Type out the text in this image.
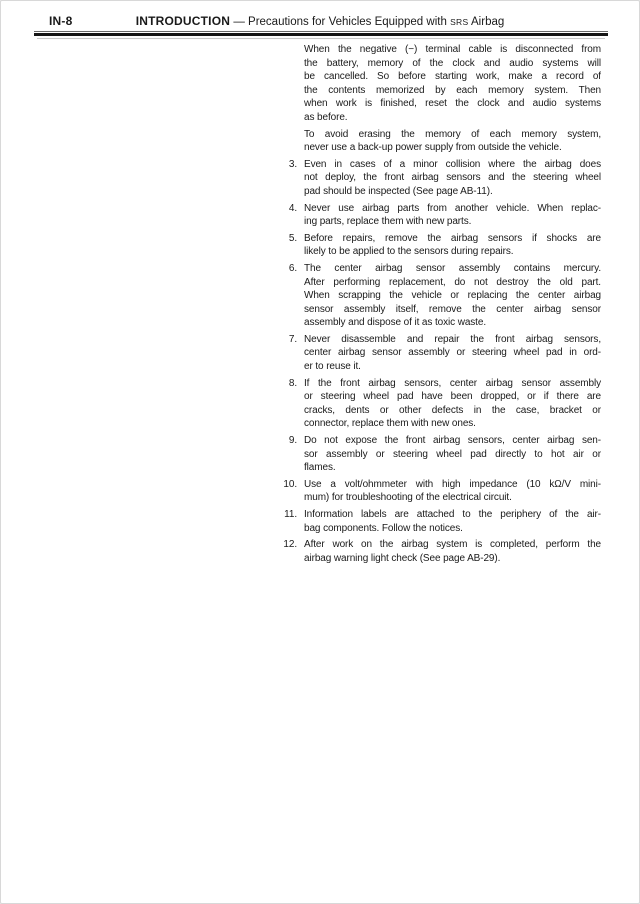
IN-8	INTRODUCTION — Precautions for Vehicles Equipped with SRS Airbag
When the negative (−) terminal cable is disconnected from
the battery, memory of the clock and audio systems will
be cancelled. So before starting work, make a record of
the contents memorized by each memory system. Then
when work is finished, reset the clock and audio systems
as before.
To avoid erasing the memory of each memory system,
never use a back-up power supply from outside the vehicle.
3. Even in cases of a minor collision where the airbag does
not deploy, the front airbag sensors and the steering wheel
pad should be inspected (See page AB-11).
4. Never use airbag parts from another vehicle. When replac-
ing parts, replace them with new parts.
5. Before repairs, remove the airbag sensors if shocks are
likely to be applied to the sensors during repairs.
6. The center airbag sensor assembly contains mercury.
After performing replacement, do not destroy the old part.
When scrapping the vehicle or replacing the center airbag
sensor assembly itself, remove the center airbag sensor
assembly and dispose of it as toxic waste.
7. Never disassemble and repair the front airbag sensors,
center airbag sensor assembly or steering wheel pad in ord-
er to reuse it.
8. If the front airbag sensors, center airbag sensor assembly
or steering wheel pad have been dropped, or if there are
cracks, dents or other defects in the case, bracket or
connector, replace them with new ones.
9. Do not expose the front airbag sensors, center airbag sen-
sor assembly or steering wheel pad directly to hot air or
flames.
10. Use a volt/ohmmeter with high impedance (10 kΩ/V mini-
mum) for troubleshooting of the electrical circuit.
11. Information labels are attached to the periphery of the air-
bag components. Follow the notices.
12. After work on the airbag system is completed, perform the
airbag warning light check (See page AB-29).
